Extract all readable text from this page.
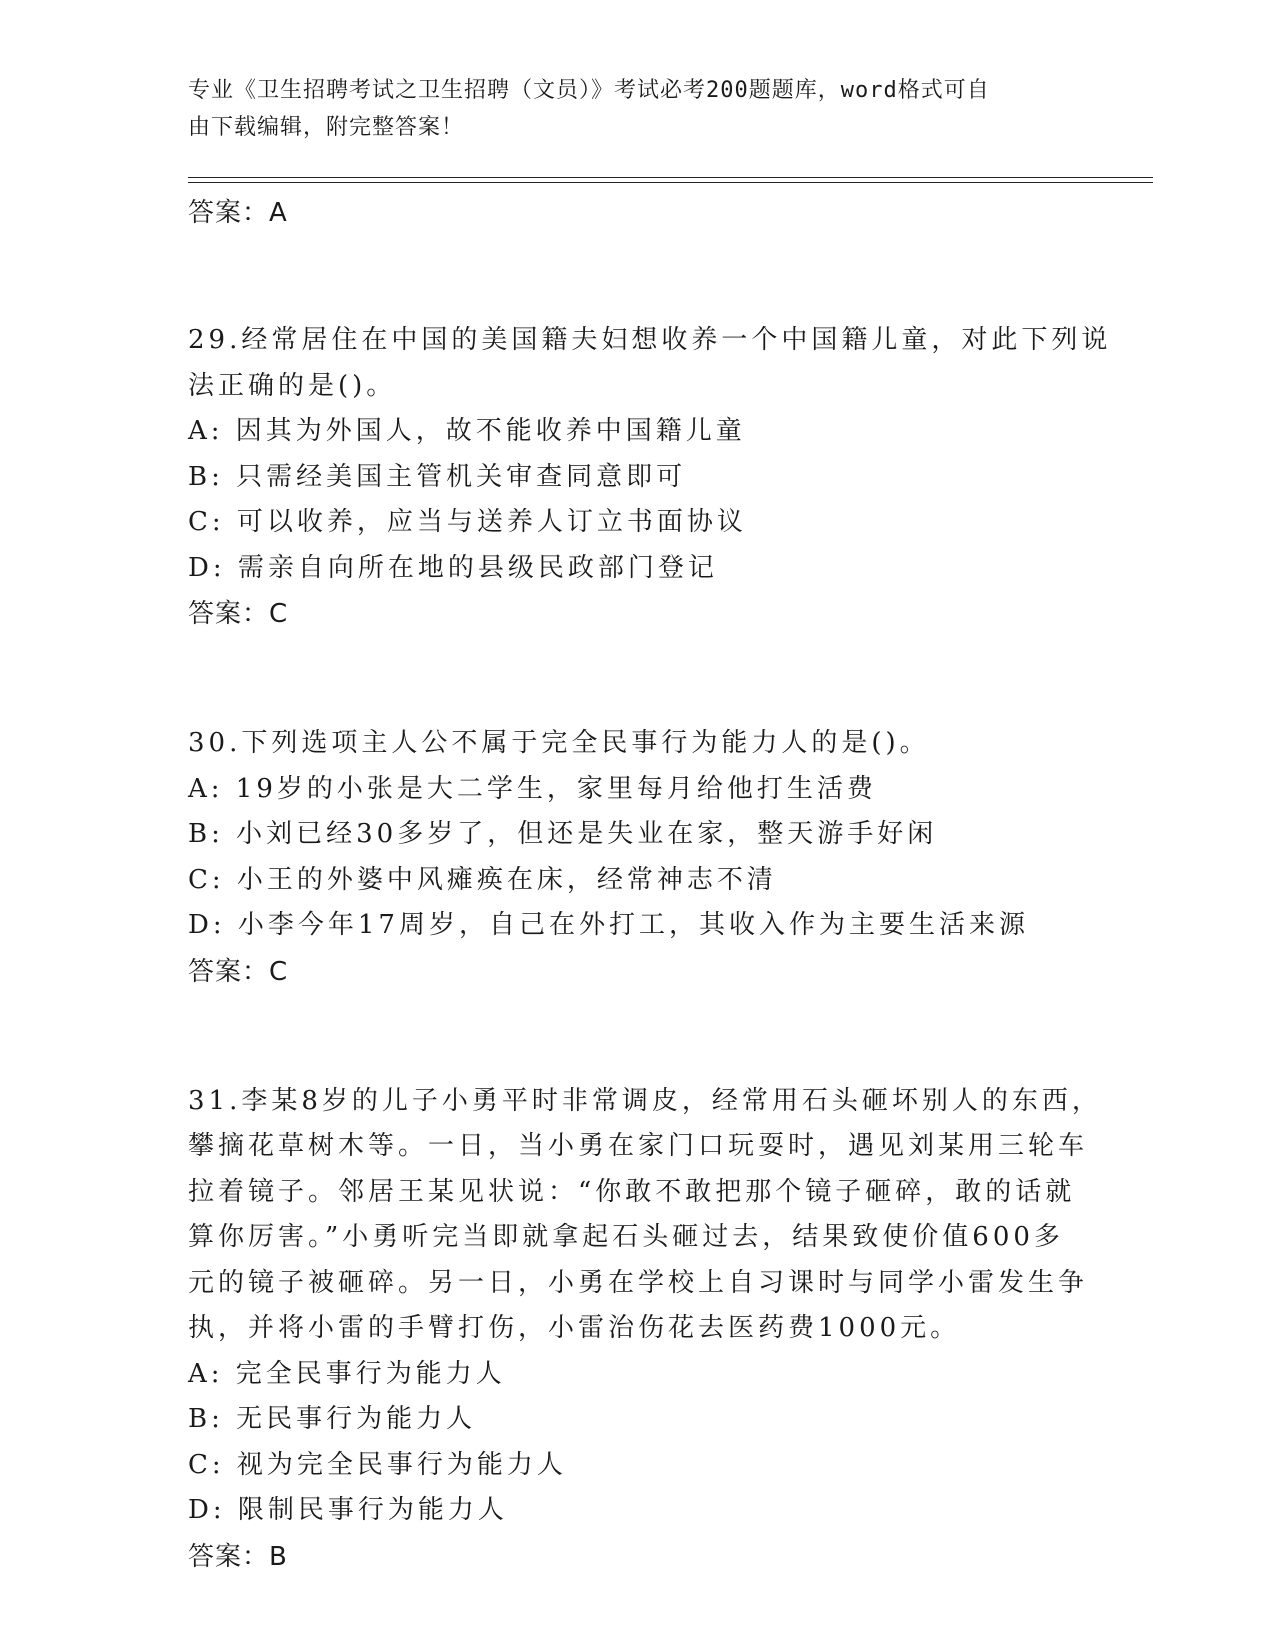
专业《卫生招聘考试之卫生招聘（文员）》考试必考200题题库，word格式可自
由下载编辑，附完整答案！
答案：A
29.经常居住在中国的美国籍夫妇想收养一个中国籍儿童，对此下列说
法正确的是()。
A: 因其为外国人，故不能收养中国籍儿童
B: 只需经美国主管机关审查同意即可
C: 可以收养，应当与送养人订立书面协议
D: 需亲自向所在地的县级民政部门登记
答案：C
30.下列选项主人公不属于完全民事行为能力人的是()。
A: 19岁的小张是大二学生，家里每月给他打生活费
B: 小刘已经30多岁了，但还是失业在家，整天游手好闲
C: 小王的外婆中风瘫痪在床，经常神志不清
D: 小李今年17周岁，自己在外打工，其收入作为主要生活来源
答案：C
31.李某8岁的儿子小勇平时非常调皮，经常用石头砸坏别人的东西，
攀摘花草树木等。一日，当小勇在家门口玩耍时，遇见刘某用三轮车
拉着镜子。邻居王某见状说：“你敢不敢把那个镜子砸碎，敢的话就
算你厉害。”小勇听完当即就拿起石头砸过去，结果致使价值600多
元的镜子被砸碎。另一日，小勇在学校上自习课时与同学小雷发生争
执，并将小雷的手臂打伤，小雷治伤花去医药费1000元。
A: 完全民事行为能力人
B: 无民事行为能力人
C: 视为完全民事行为能力人
D: 限制民事行为能力人
答案：B
